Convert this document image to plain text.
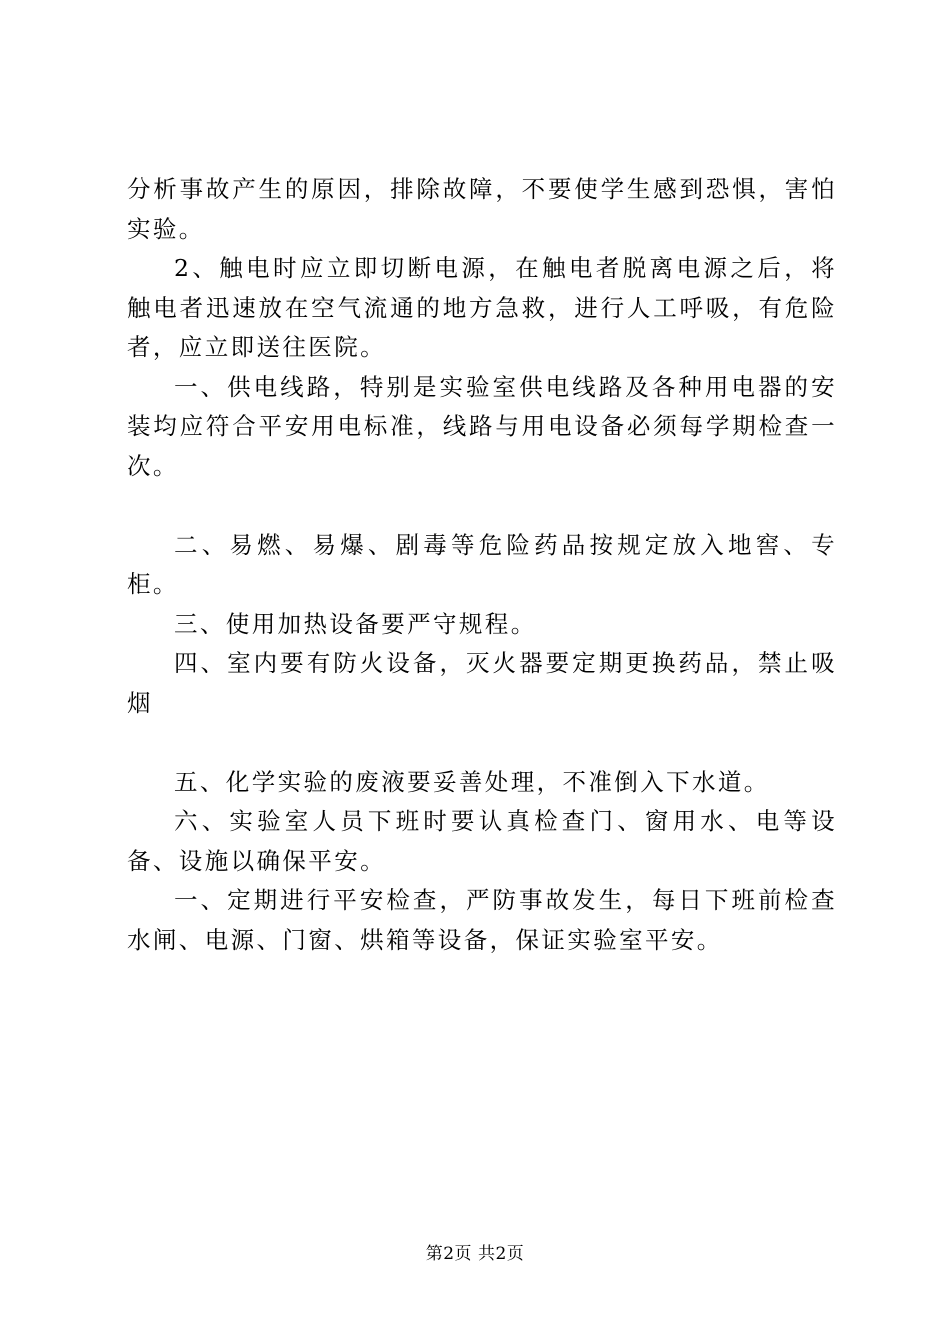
分析事故产生的原因，排除故障，不要使学生感到恐惧，害怕实验。

2、触电时应立即切断电源，在触电者脱离电源之后，将触电者迅速放在空气流通的地方急救，进行人工呼吸，有危险者，应立即送往医院。

一、供电线路，特别是实验室供电线路及各种用电器的安装均应符合平安用电标准，线路与用电设备必须每学期检查一次。

二、易燃、易爆、剧毒等危险药品按规定放入地窖、专柜。

三、使用加热设备要严守规程。

四、室内要有防火设备，灭火器要定期更换药品，禁止吸烟

五、化学实验的废液要妥善处理，不准倒入下水道。

六、实验室人员下班时要认真检查门、窗用水、电等设备、设施以确保平安。

一、定期进行平安检查，严防事故发生，每日下班前检查水闸、电源、门窗、烘箱等设备，保证实验室平安。

第2页 共2页
